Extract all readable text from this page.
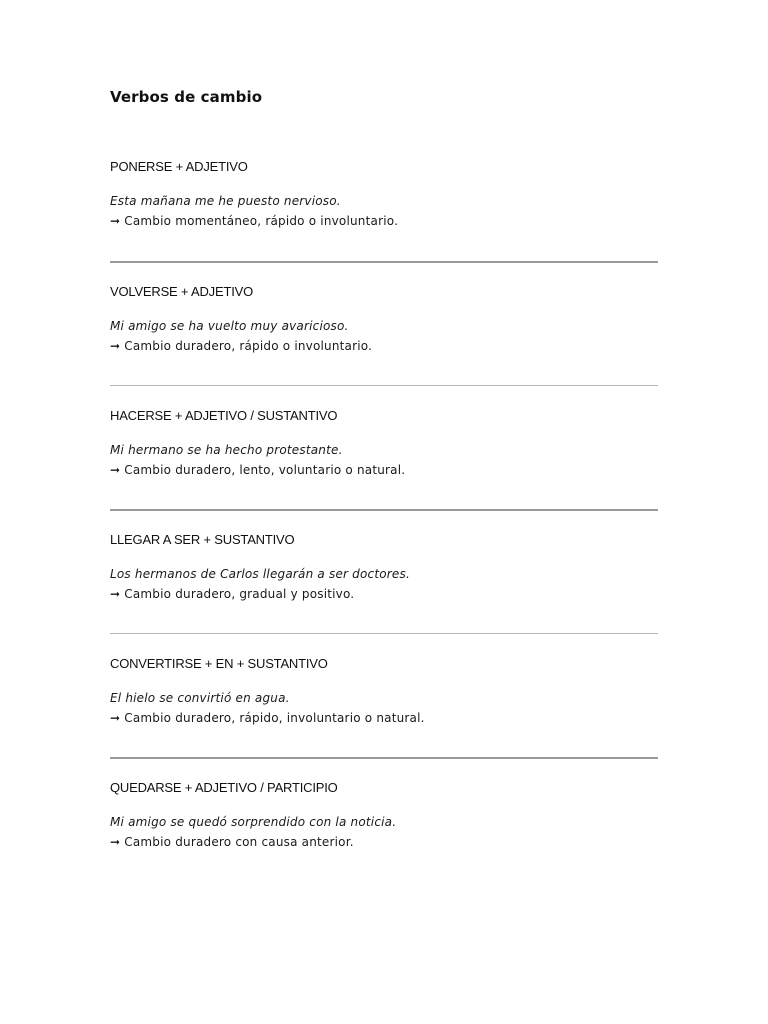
Verbos de cambio
PONERSE + ADJETIVO
Esta mañana me he puesto nervioso.
➞ Cambio momentáneo, rápido o involuntario.
VOLVERSE + ADJETIVO
Mi amigo se ha vuelto muy avaricioso.
➞ Cambio duradero, rápido o involuntario.
HACERSE + ADJETIVO / SUSTANTIVO
Mi hermano se ha hecho protestante.
➞ Cambio duradero, lento, voluntario o natural.
LLEGAR A SER + SUSTANTIVO
Los hermanos de Carlos llegarán a ser doctores.
➞ Cambio duradero, gradual y positivo.
CONVERTIRSE + EN + SUSTANTIVO
El hielo se convirtió en agua.
➞ Cambio duradero, rápido, involuntario o natural.
QUEDARSE + ADJETIVO / PARTICIPIO
Mi amigo se quedó sorprendido con la noticia.
➞ Cambio duradero con causa anterior.
